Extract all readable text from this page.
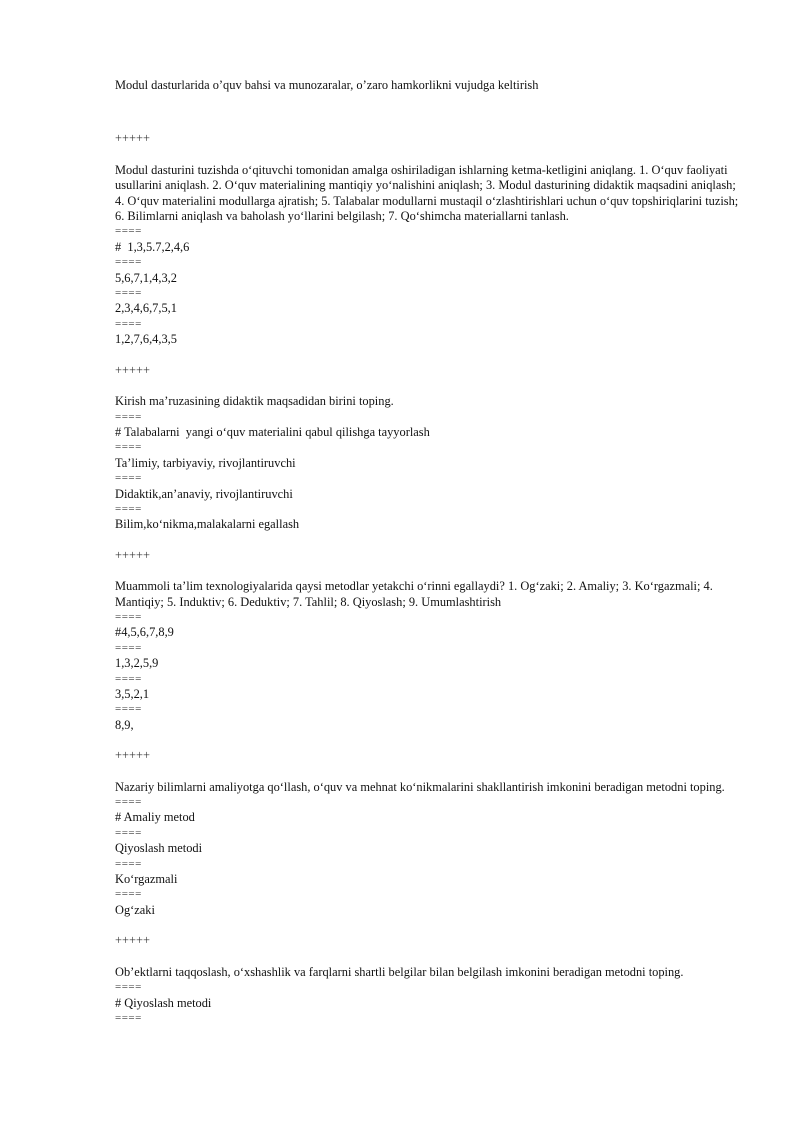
Modul dasturlarida o’quv bahsi va munozaralar, o’zaro hamkorlikni vujudga keltirish
+++++
Modul dasturini tuzishda o‘qituvchi tomonidan amalga oshiriladigan ishlarning ketma-ketligini aniqlang. 1. O‘quv faoliyati usullarini aniqlash. 2. O‘quv materialining mantiqiy yo‘nalishini aniqlash; 3. Modul dasturining didaktik maqsadini aniqlash; 4. O‘quv materialini modullarga ajratish; 5. Talabalar modullarni mustaqil o‘zlashtirishlari uchun o‘quv topshiriqlarini tuzish; 6. Bilimlarni aniqlash va baholash yo‘llarini belgilash; 7. Qo‘shimcha materiallarni tanlash.
====
#  1,3,5.7,2,4,6
====
5,6,7,1,4,3,2
====
2,3,4,6,7,5,1
====
1,2,7,6,4,3,5
+++++
Kirish ma’ruzasining didaktik maqsadidan birini toping.
====
# Talabalarni  yangi o‘quv materialini qabul qilishga tayyorlash
====
Ta’limiy, tarbiyaviy, rivojlantiruvchi
====
Didaktik,an’anaviy, rivojlantiruvchi
====
Bilim,ko‘nikma,malakalarni egallash
+++++
Muammoli ta’lim texnologiyalarida qaysi metodlar yetakchi o‘rinni egallaydi? 1. Og‘zaki; 2. Amaliy; 3. Ko‘rgazmali; 4. Mantiqiy; 5. Induktiv; 6. Deduktiv; 7. Tahlil; 8. Qiyoslash; 9. Umumlashtirish
====
#4,5,6,7,8,9
====
1,3,2,5,9
====
3,5,2,1
====
8,9,
+++++
Nazariy bilimlarni amaliyotga qo‘llash, o‘quv va mehnat ko‘nikmalarini shakllantirish imkonini beradigan metodni toping.
====
# Amaliy metod
====
Qiyoslash metodi
====
Ko‘rgazmali
====
Og‘zaki
+++++
Ob’ektlarni taqqoslash, o‘xshashlik va farqlarni shartli belgilar bilan belgilash imkonini beradigan metodni toping.
====
# Qiyoslash metodi
====
